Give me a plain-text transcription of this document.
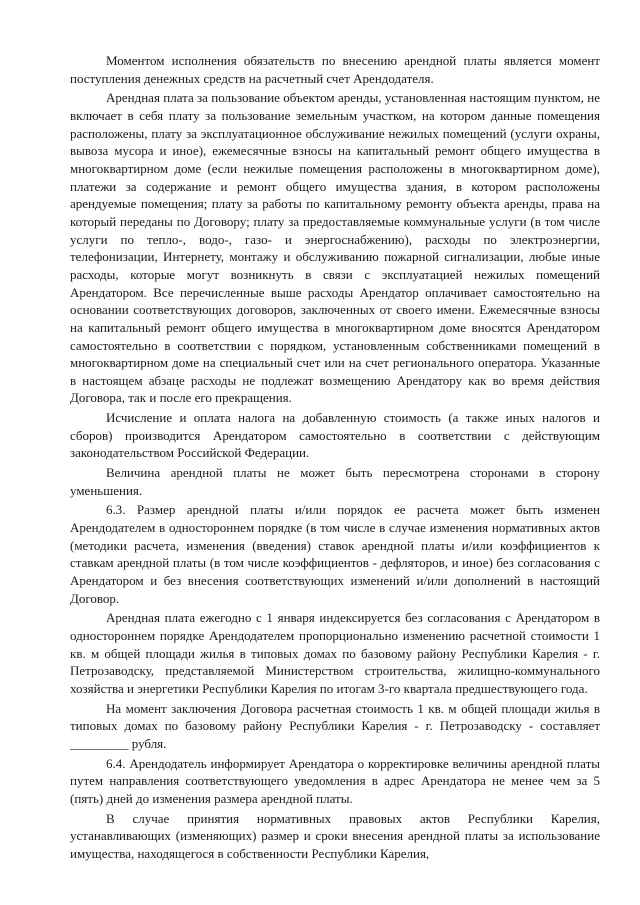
Моментом исполнения обязательств по внесению арендной платы является момент поступления денежных средств на расчетный счет Арендодателя.

Арендная плата за пользование объектом аренды, установленная настоящим пунктом, не включает в себя плату за пользование земельным участком, на котором данные помещения расположены, плату за эксплуатационное обслуживание нежилых помещений (услуги охраны, вывоза мусора и иное), ежемесячные взносы на капитальный ремонт общего имущества в многоквартирном доме (если нежилые помещения расположены в многоквартирном доме), платежи за содержание и ремонт общего имущества здания, в котором расположены арендуемые помещения; плату за работы по капитальному ремонту объекта аренды, права на который переданы по Договору; плату за предоставляемые коммунальные услуги (в том числе услуги по тепло-, водо-, газо- и энергоснабжению), расходы по электроэнергии, телефонизации, Интернету, монтажу и обслуживанию пожарной сигнализации, любые иные расходы, которые могут возникнуть в связи с эксплуатацией нежилых помещений Арендатором. Все перечисленные выше расходы Арендатор оплачивает самостоятельно на основании соответствующих договоров, заключенных от своего имени. Ежемесячные взносы на капитальный ремонт общего имущества в многоквартирном доме вносятся Арендатором самостоятельно в соответствии с порядком, установленным собственниками помещений в многоквартирном доме на специальный счет или на счет регионального оператора. Указанные в настоящем абзаце расходы не подлежат возмещению Арендатору как во время действия Договора, так и после его прекращения.

Исчисление и оплата налога на добавленную стоимость (а также иных налогов и сборов) производится Арендатором самостоятельно в соответствии с действующим законодательством Российской Федерации.

Величина арендной платы не может быть пересмотрена сторонами в сторону уменьшения.

6.3. Размер арендной платы и/или порядок ее расчета может быть изменен Арендодателем в одностороннем порядке (в том числе в случае изменения нормативных актов (методики расчета, изменения (введения) ставок арендной платы и/или коэффициентов к ставкам арендной платы (в том числе коэффициентов - дефляторов, и иное) без согласования с Арендатором и без внесения соответствующих изменений и/или дополнений в настоящий Договор.

Арендная плата ежегодно с 1 января индексируется без согласования с Арендатором в одностороннем порядке Арендодателем пропорционально изменению расчетной стоимости 1 кв. м общей площади жилья в типовых домах по базовому району Республики Карелия - г. Петрозаводску, представляемой Министерством строительства, жилищно-коммунального хозяйства и энергетики Республики Карелия по итогам 3-го квартала предшествующего года.

На момент заключения Договора расчетная стоимость 1 кв. м общей площади жилья в типовых домах по базовому району Республики Карелия - г. Петрозаводску - составляет _________ рубля.

6.4. Арендодатель информирует Арендатора о корректировке величины арендной платы путем направления соответствующего уведомления в адрес Арендатора не менее чем за 5 (пять) дней до изменения размера арендной платы.

В случае принятия нормативных правовых актов Республики Карелия, устанавливающих (изменяющих) размер и сроки внесения арендной платы за использование имущества, находящегося в собственности Республики Карелия,
